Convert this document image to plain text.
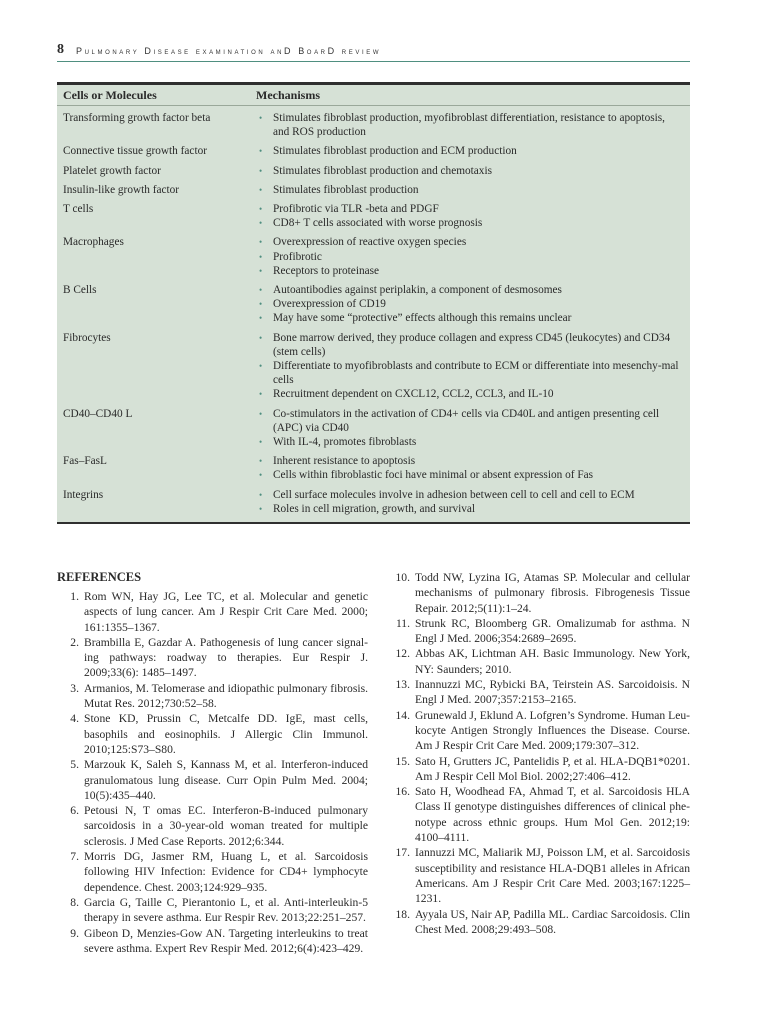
8 Pulmonary Disease examination anD BoarD review
Cells or Molecules	Mechanisms
Transforming growth factor beta	• Stimulates fibroblast production, myofibroblast differentiation, resistance to apoptosis, and ROS production
Connective tissue growth factor	• Stimulates fibroblast production and ECM production
Platelet growth factor	• Stimulates fibroblast production and chemotaxis
Insulin-like growth factor	• Stimulates fibroblast production
T cells	• Profibrotic via TLR -beta and PDGF
• CD8+ T cells associated with worse prognosis
Macrophages	• Overexpression of reactive oxygen species
• Profibrotic
• Receptors to proteinase
B Cells	• Autoantibodies against periplakin, a component of desmosomes
• Overexpression of CD19
• May have some “protective” effects although this remains unclear
Fibrocytes	• Bone marrow derived, they produce collagen and express CD45 (leukocytes) and CD34 (stem cells)
• Differentiate to myofibroblasts and contribute to ECM or differentiate into mesenchy-mal cells
• Recruitment dependent on CXCL12, CCL2, CCL3, and IL-10
CD40–CD40 L	• Co-stimulators in the activation of CD4+ cells via CD40L and antigen presenting cell (APC) via CD40
• With IL-4, promotes fibroblasts
Fas–FasL	• Inherent resistance to apoptosis
• Cells within fibroblastic foci have minimal or absent expression of Fas
Integrins	• Cell surface molecules involve in adhesion between cell to cell and cell to ECM
• Roles in cell migration, growth, and survival
REFERENCES
1. Rom WN, Hay JG, Lee TC, et al. Molecular and genetic aspects of lung cancer. Am J Respir Crit Care Med. 2000; 161:1355–1367.
2. Brambilla E, Gazdar A. Pathogenesis of lung cancer signal-ing pathways: roadway to therapies. Eur Respir J. 2009;33(6): 1485–1497.
3. Armanios, M. Telomerase and idiopathic pulmonary fibrosis. Mutat Res. 2012;730:52–58.
4. Stone KD, Prussin C, Metcalfe DD. IgE, mast cells, basophils and eosinophils. J Allergic Clin Immunol. 2010;125:S73–S80.
5. Marzouk K, Saleh S, Kannass M, et al. Interferon-induced granulomatous lung disease. Curr Opin Pulm Med. 2004; 10(5):435–440.
6. Petousi N, T omas EC. Interferon-B-induced pulmonary sarcoidosis in a 30-year-old woman treated for multiple sclerosis. J Med Case Reports. 2012;6:344.
7. Morris DG, Jasmer RM, Huang L, et al. Sarcoidosis following HIV Infection: Evidence for CD4+ lymphocyte dependence. Chest. 2003;124:929–935.
8. Garcia G, Taille C, Pierantonio L, et al. Anti-interleukin-5 therapy in severe asthma. Eur Respir Rev. 2013;22:251–257.
9. Gibeon D, Menzies-Gow AN. Targeting interleukins to treat severe asthma. Expert Rev Respir Med. 2012;6(4):423–429.
10. Todd NW, Lyzina IG, Atamas SP. Molecular and cellular mechanisms of pulmonary fibrosis. Fibrogenesis Tissue Repair. 2012;5(11):1–24.
11. Strunk RC, Bloomberg GR. Omalizumab for asthma. N Engl J Med. 2006;354:2689–2695.
12. Abbas AK, Lichtman AH. Basic Immunology. New York, NY: Saunders; 2010.
13. Inannuzzi MC, Rybicki BA, Teirstein AS. Sarcoidoisis. N Engl J Med. 2007;357:2153–2165.
14. Grunewald J, Eklund A. Lofgren’s Syndrome. Human Leu-kocyte Antigen Strongly Influences the Disease. Course. Am J Respir Crit Care Med. 2009;179:307–312.
15. Sato H, Grutters JC, Pantelidis P, et al. HLA-DQB1*0201. Am J Respir Cell Mol Biol. 2002;27:406–412.
16. Sato H, Woodhead FA, Ahmad T, et al. Sarcoidosis HLA Class II genotype distinguishes differences of clinical phe-notype across ethnic groups. Hum Mol Gen. 2012;19: 4100–4111.
17. Iannuzzi MC, Maliarik MJ, Poisson LM, et al. Sarcoidosis susceptibility and resistance HLA-DQB1 alleles in African Americans. Am J Respir Crit Care Med. 2003;167:1225–1231.
18. Ayyala US, Nair AP, Padilla ML. Cardiac Sarcoidosis. Clin Chest Med. 2008;29:493–508.
